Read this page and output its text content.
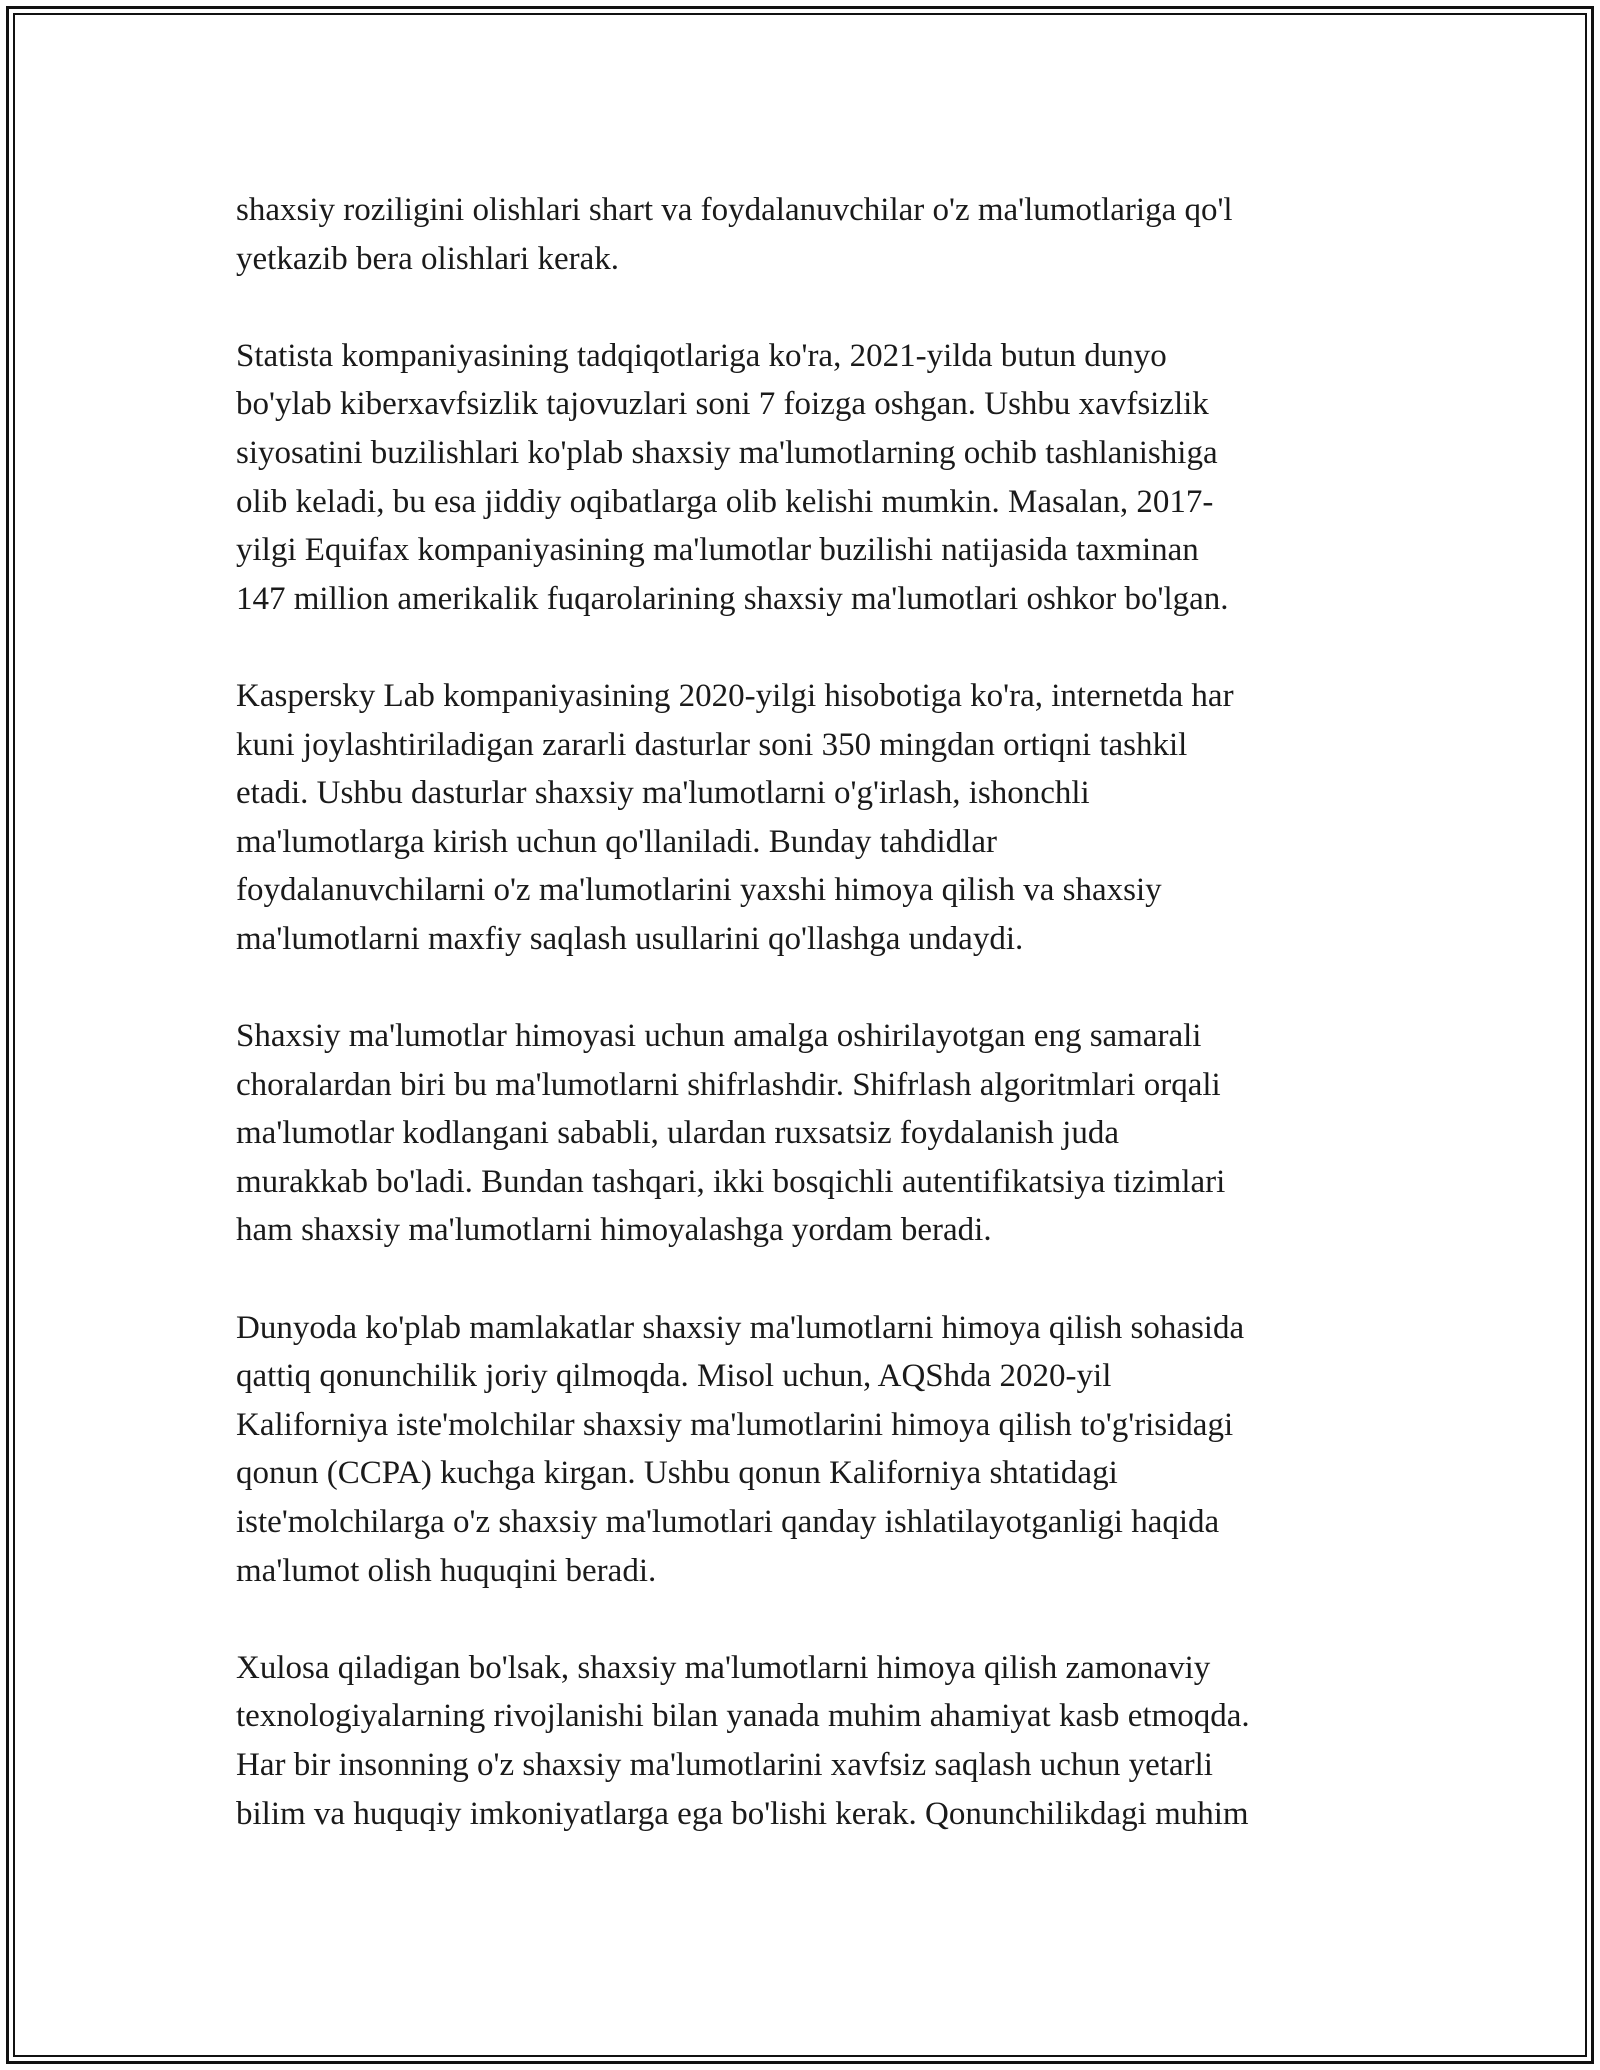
shaxsiy roziligini olishlari shart va foydalanuvchilar o'z ma'lumotlariga qo'l
yetkazib bera olishlari kerak.
Statista kompaniyasining tadqiqotlariga ko'ra, 2021-yilda butun dunyo
bo'ylab kiberxavfsizlik tajovuzlari soni 7 foizga oshgan. Ushbu xavfsizlik
siyosatini buzilishlari ko'plab shaxsiy ma'lumotlarning ochib tashlanishiga
olib keladi, bu esa jiddiy oqibatlarga olib kelishi mumkin. Masalan, 2017-
yilgi Equifax kompaniyasining ma'lumotlar buzilishi natijasida taxminan
147 million amerikalik fuqarolarining shaxsiy ma'lumotlari oshkor bo'lgan.
Kaspersky Lab kompaniyasining 2020-yilgi hisobotiga ko'ra, internetda har
kuni joylashtiriladigan zararli dasturlar soni 350 mingdan ortiqni tashkil
etadi. Ushbu dasturlar shaxsiy ma'lumotlarni o'g'irlash, ishonchli
ma'lumotlarga kirish uchun qo'llaniladi. Bunday tahdidlar
foydalanuvchilarni o'z ma'lumotlarini yaxshi himoya qilish va shaxsiy
ma'lumotlarni maxfiy saqlash usullarini qo'llashga undaydi.
Shaxsiy ma'lumotlar himoyasi uchun amalga oshirilayotgan eng samarali
choralardan biri bu ma'lumotlarni shifrlashdir. Shifrlash algoritmlari orqali
ma'lumotlar kodlangani sababli, ulardan ruxsatsiz foydalanish juda
murakkab bo'ladi. Bundan tashqari, ikki bosqichli autentifikatsiya tizimlari
ham shaxsiy ma'lumotlarni himoyalashga yordam beradi.
Dunyoda ko'plab mamlakatlar shaxsiy ma'lumotlarni himoya qilish sohasida
qattiq qonunchilik joriy qilmoqda. Misol uchun, AQShda 2020-yil
Kaliforniya iste'molchilar shaxsiy ma'lumotlarini himoya qilish to'g'risidagi
qonun (CCPA) kuchga kirgan. Ushbu qonun Kaliforniya shtatidagi
iste'molchilarga o'z shaxsiy ma'lumotlari qanday ishlatilayotganligi haqida
ma'lumot olish huquqini beradi.
Xulosa qiladigan bo'lsak, shaxsiy ma'lumotlarni himoya qilish zamonaviy
texnologiyalarning rivojlanishi bilan yanada muhim ahamiyat kasb etmoqda.
Har bir insonning o'z shaxsiy ma'lumotlarini xavfsiz saqlash uchun yetarli
bilim va huquqiy imkoniyatlarga ega bo'lishi kerak. Qonunchilikdagi muhim
